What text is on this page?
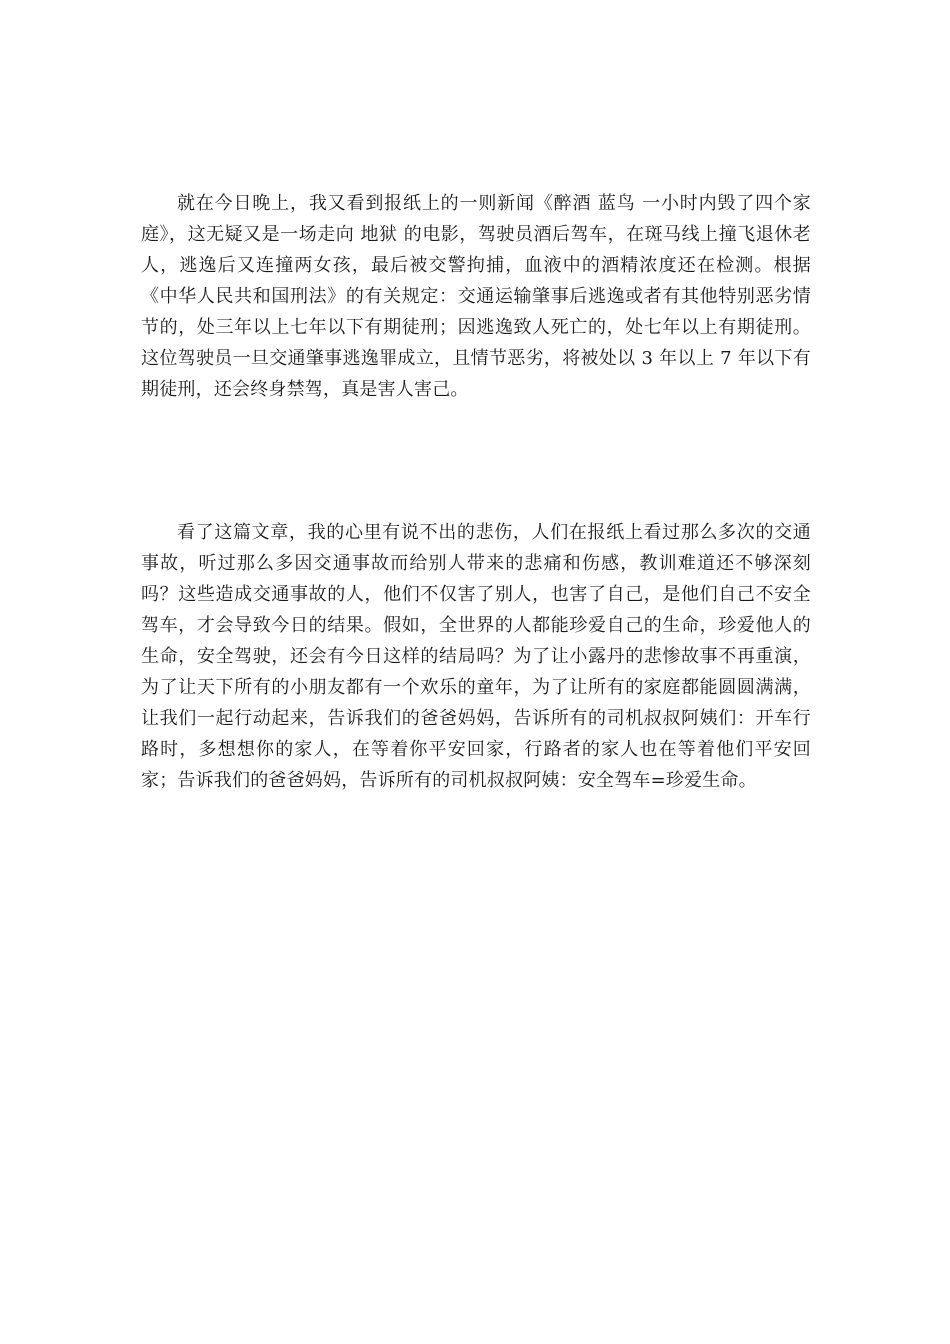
就在今日晚上，我又看到报纸上的一则新闻《醉酒 蓝鸟 一小时内毁了四个家庭》，这无疑又是一场走向 地狱 的电影，驾驶员酒后驾车，在斑马线上撞飞退休老人，逃逸后又连撞两女孩，最后被交警拘捕，血液中的酒精浓度还在检测。根据《中华人民共和国刑法》的有关规定：交通运输肇事后逃逸或者有其他特别恶劣情节的，处三年以上七年以下有期徒刑；因逃逸致人死亡的，处七年以上有期徒刑。这位驾驶员一旦交通肇事逃逸罪成立，且情节恶劣，将被处以 3 年以上 7 年以下有期徒刑，还会终身禁驾，真是害人害己。

看了这篇文章，我的心里有说不出的悲伤，人们在报纸上看过那么多次的交通事故，听过那么多因交通事故而给别人带来的悲痛和伤感，教训难道还不够深刻吗？这些造成交通事故的人，他们不仅害了别人，也害了自己，是他们自己不安全驾车，才会导致今日的结果。假如，全世界的人都能珍爱自己的生命，珍爱他人的生命，安全驾驶，还会有今日这样的结局吗？为了让小露丹的悲惨故事不再重演，为了让天下所有的小朋友都有一个欢乐的童年，为了让所有的家庭都能圆圆满满，让我们一起行动起来，告诉我们的爸爸妈妈，告诉所有的司机叔叔阿姨们：开车行路时，多想想你的家人，在等着你平安回家，行路者的家人也在等着他们平安回家；告诉我们的爸爸妈妈，告诉所有的司机叔叔阿姨：安全驾车=珍爱生命。
